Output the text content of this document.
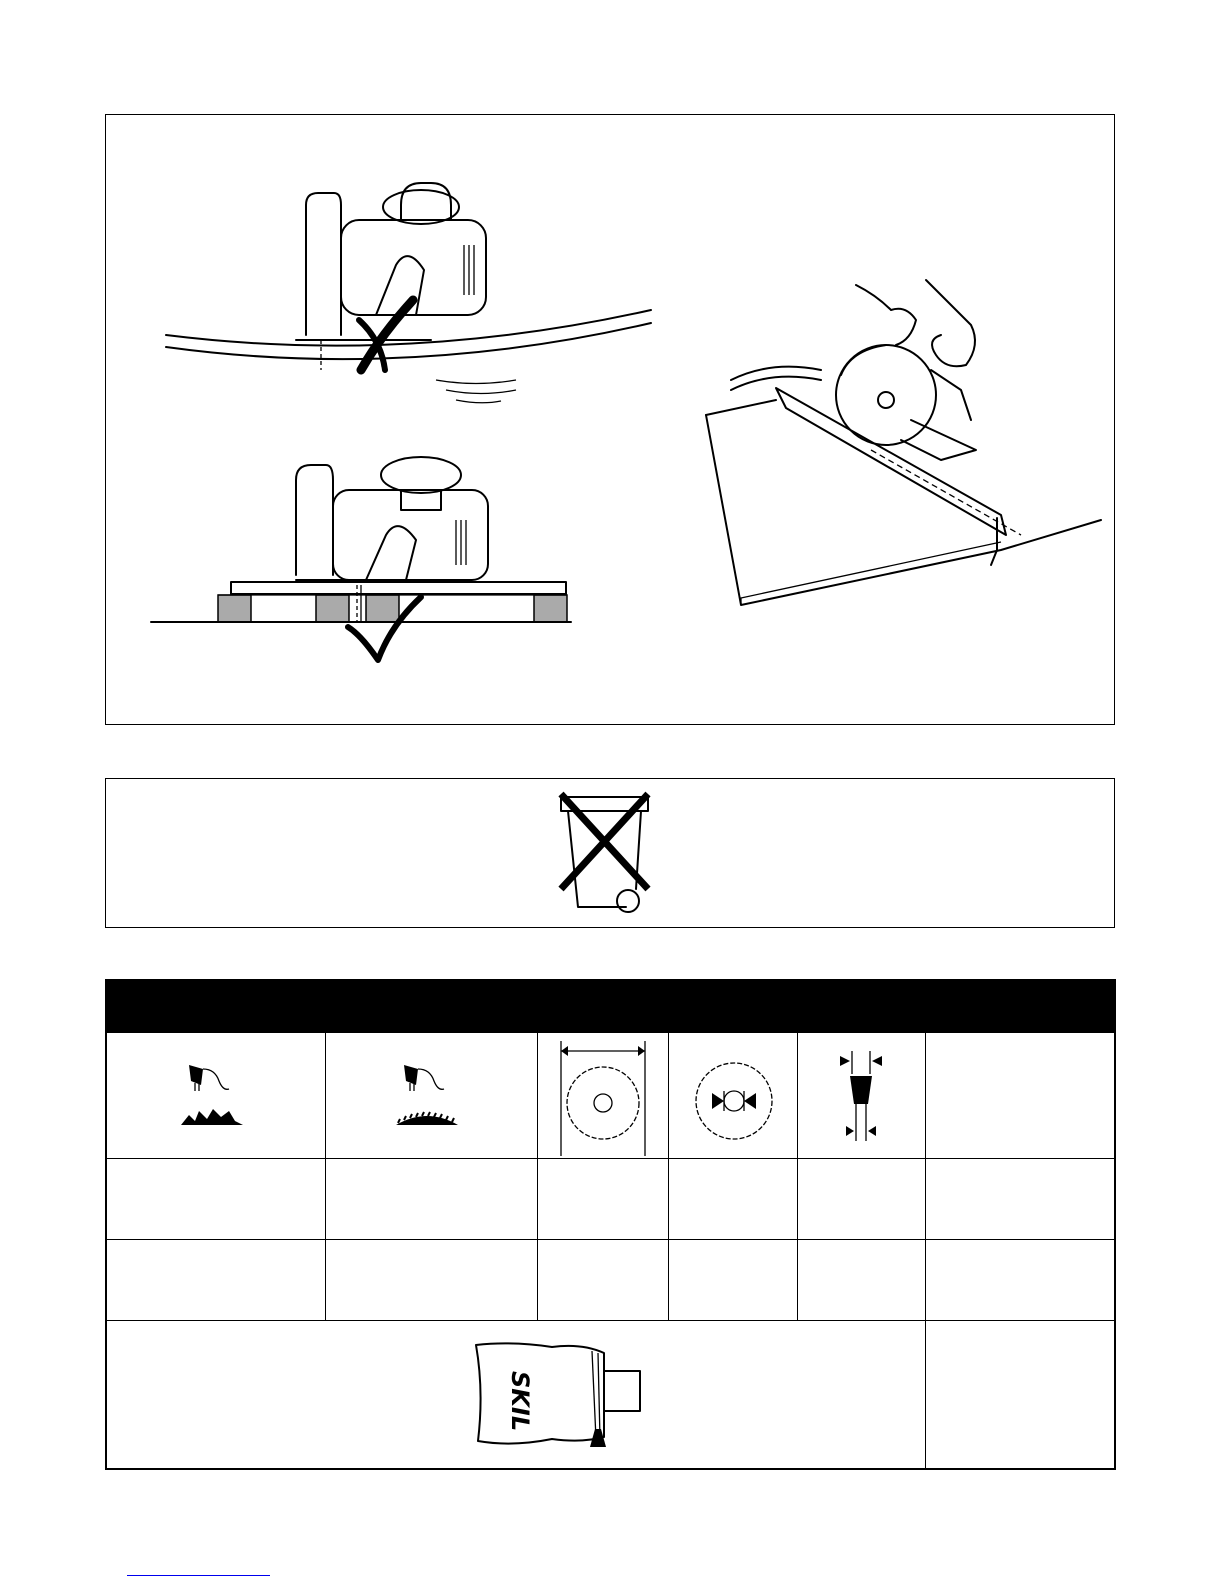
SKIL
